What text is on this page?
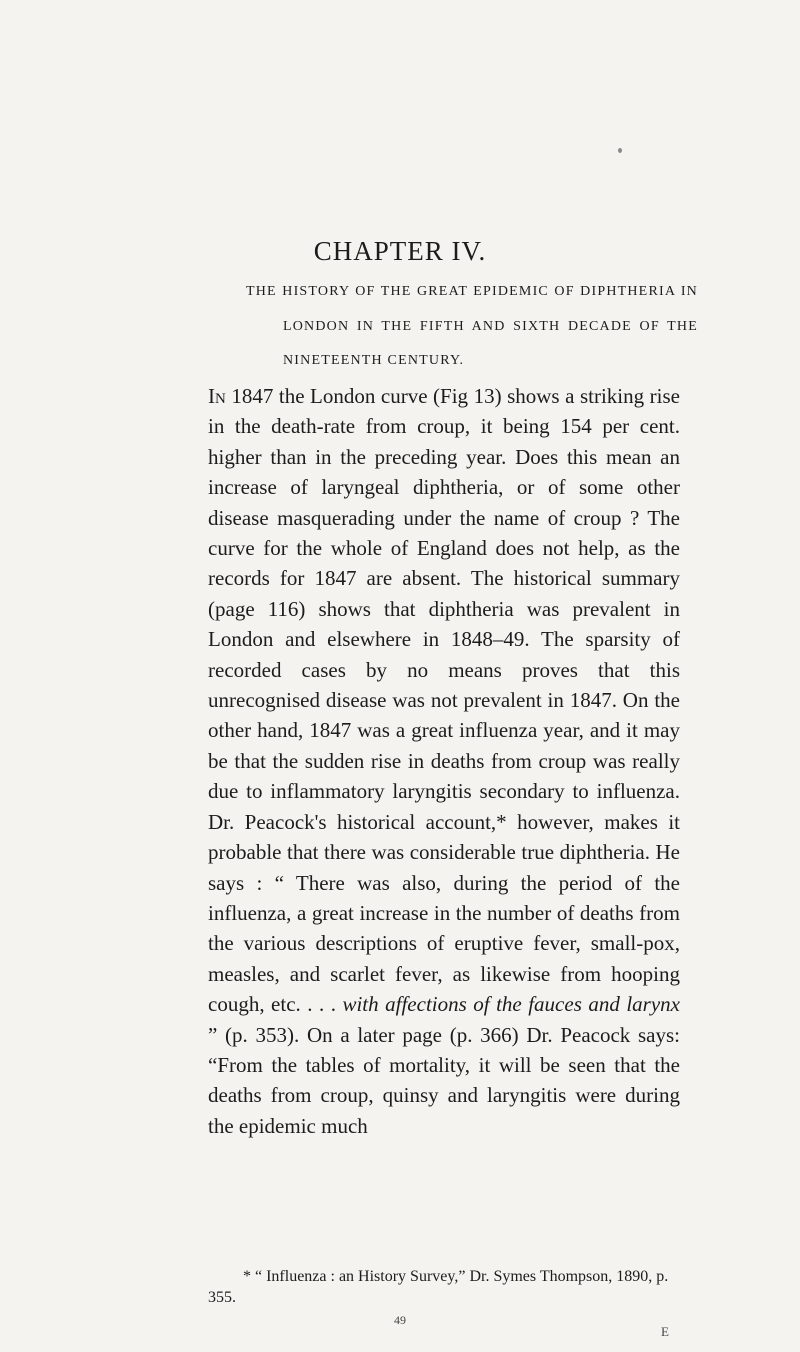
CHAPTER IV.
THE HISTORY OF THE GREAT EPIDEMIC OF DIPHTHERIA IN LONDON IN THE FIFTH AND SIXTH DECADE OF THE NINETEENTH CENTURY.

In 1847 the London curve (Fig 13) shows a striking rise in the death-rate from croup, it being 154 per cent. higher than in the preceding year. Does this mean an increase of laryngeal diphtheria, or of some other disease masquerading under the name of croup ? The curve for the whole of England does not help, as the records for 1847 are absent. The historical summary (page 116) shows that diphtheria was prevalent in London and elsewhere in 1848–49. The sparsity of recorded cases by no means proves that this unrecognised disease was not prevalent in 1847. On the other hand, 1847 was a great influenza year, and it may be that the sudden rise in deaths from croup was really due to inflammatory laryngitis secondary to influenza. Dr. Peacock's historical account,* however, makes it probable that there was considerable true diphtheria. He says : “ There was also, during the period of the influenza, a great increase in the number of deaths from the various descriptions of eruptive fever, small-pox, measles, and scarlet fever, as likewise from hooping cough, etc. . . . with affections of the fauces and larynx ” (p. 353). On a later page (p. 366) Dr. Peacock says: “From the tables of mortality, it will be seen that the deaths from croup, quinsy and laryngitis were during the epidemic much

* “ Influenza : an History Survey,” Dr. Symes Thompson, 1890, p. 355.
49
E
